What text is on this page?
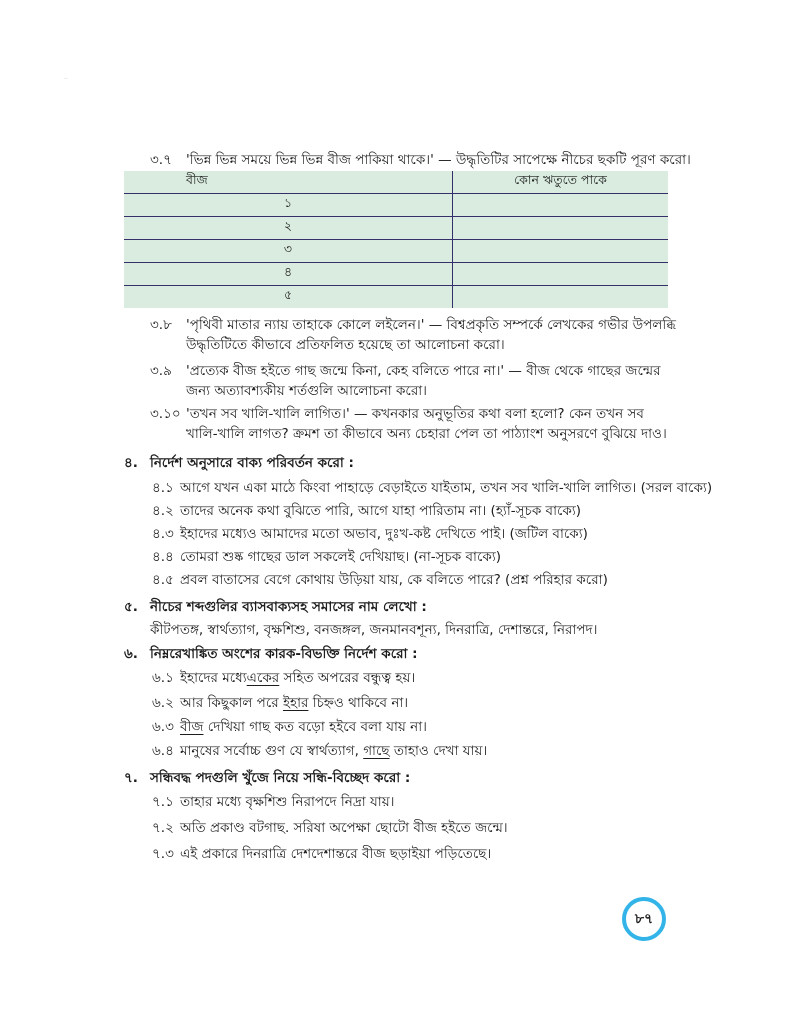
..
৩.৭ 'ভিন্ন ভিন্ন সময়ে ভিন্ন ভিন্ন বীজ পাকিয়া থাকে।' — উদ্ধৃতিটির সাপেক্ষে নীচের ছকটি পূরণ করো।
বীজ	কোন ঋতুতে পাকে
১	
২	
৩	
৪	
৫	
৩.৮ 'পৃথিবী মাতার ন্যায় তাহাকে কোলে লইলেন।' — বিশ্বপ্রকৃতি সম্পর্কে লেখকের গভীর উপলব্ধি
উদ্ধৃতিটিতে কীভাবে প্রতিফলিত হয়েছে তা আলোচনা করো।
৩.৯ 'প্রত্যেক বীজ হইতে গাছ জন্মে কিনা, কেহ বলিতে পারে না।' — বীজ থেকে গাছের জন্মের
জন্য অত্যাবশ্যকীয় শর্তগুলি আলোচনা করো।
৩.১০ 'তখন সব খালি-খালি লাগিত।' — কখনকার অনুভূতির কথা বলা হলো? কেন তখন সব
খালি-খালি লাগত? ক্রমশ তা কীভাবে অন্য চেহারা পেল তা পাঠ্যাংশ অনুসরণে বুঝিয়ে দাও।
৪. নির্দেশ অনুসারে বাক্য পরিবর্তন করো :
৪.১ আগে যখন একা মাঠে কিংবা পাহাড়ে বেড়াইতে যাইতাম, তখন সব খালি-খালি লাগিত। (সরল বাক্যে)
৪.২ তাদের অনেক কথা বুঝিতে পারি, আগে যাহা পারিতাম না। (হ্যাঁ-সূচক বাক্যে)
৪.৩ ইহাদের মধ্যেও আমাদের মতো অভাব, দুঃখ-কষ্ট দেখিতে পাই। (জটিল বাক্যে)
৪.৪ তোমরা শুষ্ক গাছের ডাল সকলেই দেখিয়াছ। (না-সূচক বাক্যে)
৪.৫ প্রবল বাতাসের বেগে কোথায় উড়িয়া যায়, কে বলিতে পারে? (প্রশ্ন পরিহার করো)
৫. নীচের শব্দগুলির ব্যাসবাক্যসহ সমাসের নাম লেখো :
কীটপতঙ্গ, স্বার্থত্যাগ, বৃক্ষশিশু, বনজঙ্গল, জনমানবশূন্য, দিনরাত্রি, দেশান্তরে, নিরাপদ।
৬. নিম্নরেখাঙ্কিত অংশের কারক-বিভক্তি নির্দেশ করো :
৬.১ ইহাদের মধ্যেএকের সহিত অপরের বন্ধুত্ব হয়।
৬.২ আর কিছুকাল পরে ইহার চিহ্নও থাকিবে না।
৬.৩ বীজ দেখিয়া গাছ কত বড়ো হইবে বলা যায় না।
৬.৪ মানুষের সর্বোচ্চ গুণ যে স্বার্থত্যাগ, গাছে তাহাও দেখা যায়।
৭. সন্ধিবদ্ধ পদগুলি খুঁজে নিয়ে সন্ধি-বিচ্ছেদ করো :
৭.১ তাহার মধ্যে বৃক্ষশিশু নিরাপদে নিদ্রা যায়।
৭.২ অতি প্রকাণ্ড বটগাছ. সরিষা অপেক্ষা ছোটো বীজ হইতে জন্মে।
৭.৩ এই প্রকারে দিনরাত্রি দেশদেশান্তরে বীজ ছড়াইয়া পড়িতেছে।
৮৭
